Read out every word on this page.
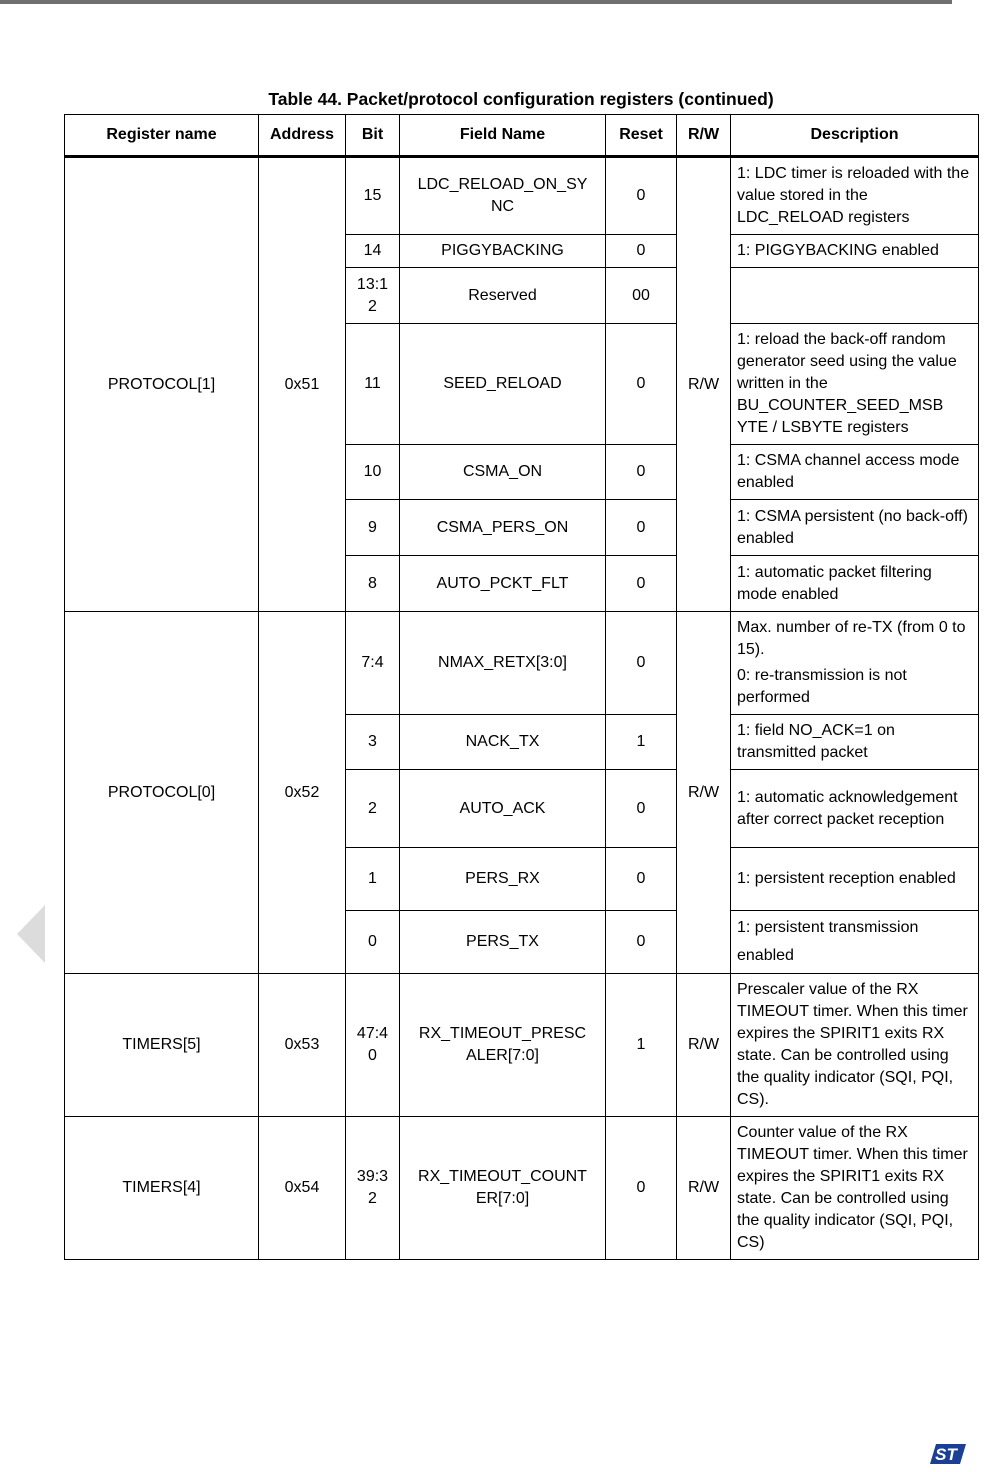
Table 44. Packet/protocol configuration registers (continued)
Register name	Address	Bit	Field Name	Reset	R/W	Description
PROTOCOL[1]	0x51	15	LDC_RELOAD_ON_SY NC	0	R/W	1: LDC timer is reloaded with the value stored in the LDC_RELOAD registers
		14	PIGGYBACKING	0		1: PIGGYBACKING enabled
		13:1 2	Reserved	00		
		11	SEED_RELOAD	0		1: reload the back-off random generator seed using the value written in the BU_COUNTER_SEED_MSB YTE / LSBYTE registers
		10	CSMA_ON	0		1: CSMA channel access mode enabled
		9	CSMA_PERS_ON	0		1: CSMA persistent (no back-off) enabled
		8	AUTO_PCKT_FLT	0		1: automatic packet filtering mode enabled
PROTOCOL[0]	0x52	7:4	NMAX_RETX[3:0]	0	R/W	Max. number of re-TX (from 0 to 15).
0: re-transmission is not performed

		3	NACK_TX	1		1: field NO_ACK=1 on transmitted packet
		2	AUTO_ACK	0		1: automatic acknowledgement after correct packet reception
		1	PERS_RX	0		1: persistent reception enabled
		0	PERS_TX	0		1: persistent transmission enabled
TIMERS[5]	0x53	47:4 0	RX_TIMEOUT_PRESC ALER[7:0]	1	R/W	Prescaler value of the RX TIMEOUT timer. When this timer expires the SPIRIT1 exits RX state. Can be controlled using the quality indicator (SQI, PQI, CS).
TIMERS[4]	0x54	39:3 2	RX_TIMEOUT_COUNT ER[7:0]	0	R/W	Counter value of the RX TIMEOUT timer. When this timer expires the SPIRIT1 exits RX state. Can be controlled using the quality indicator (SQI, PQI, CS)
ST
